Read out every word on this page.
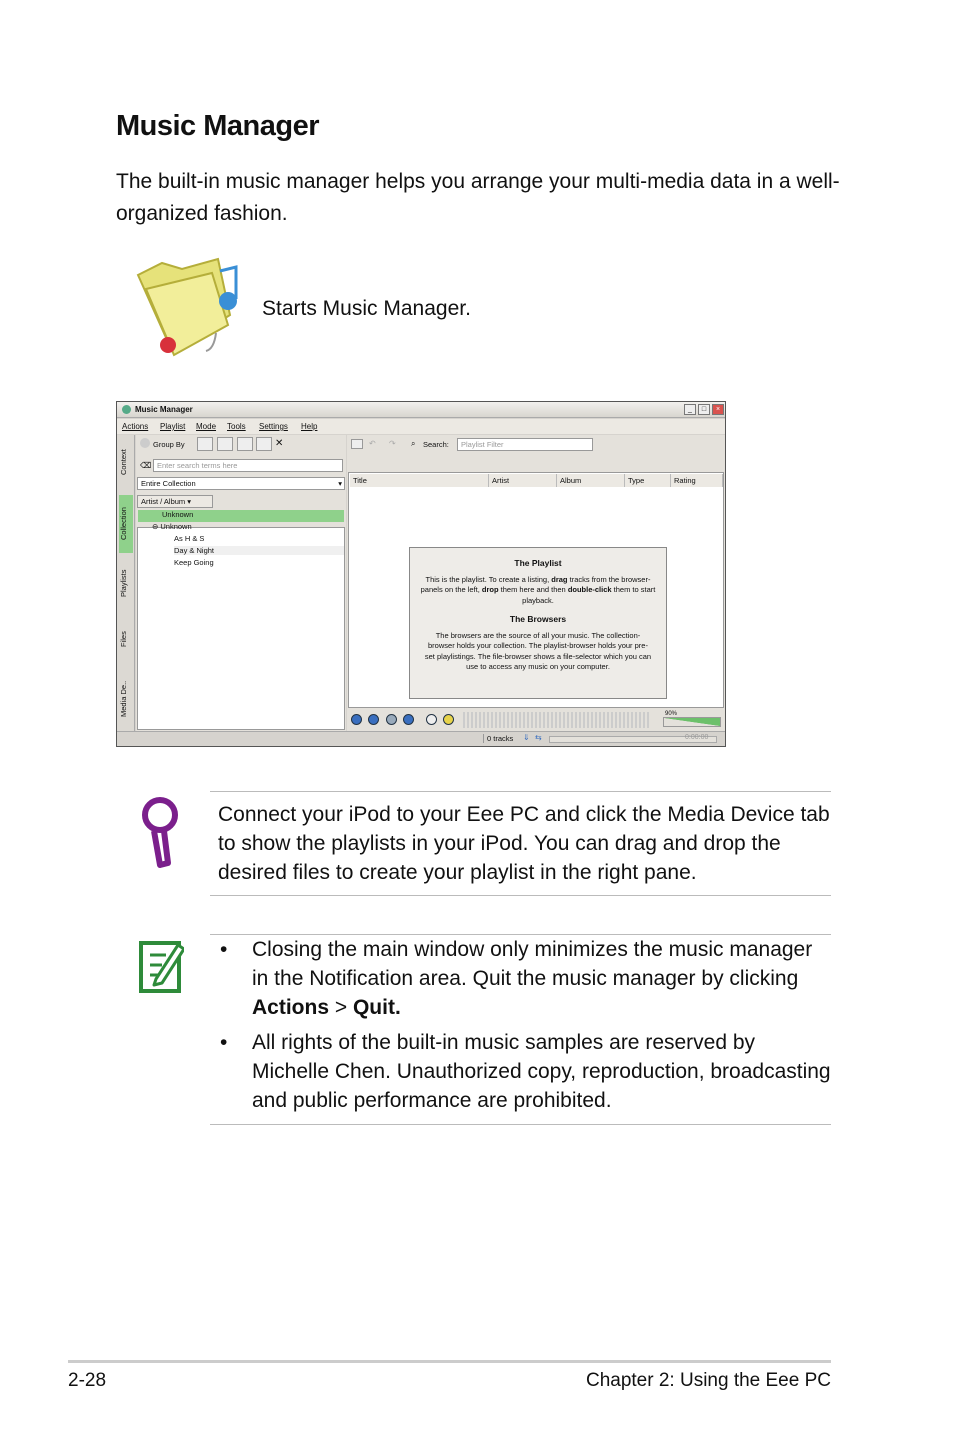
Music Manager
The built-in music manager helps you arrange your multi-media data in a well-organized fashion.
Starts Music Manager.
Music Manager	_	□	×
Actions Playlist Mode Tools Settings Help
Context
Collection
Playlists
Files
Media De..
Group By	✕
⌫ Enter search terms here
Entire Collection	▾
Artist / Album ▾
Unknown
⊖ Unknown
As H & S
Day & Night
Keep Going
↶ ↷ ⌕ Search:	Playlist Filter
Title	Artist	Album	Type	Rating
The Playlist
This is the playlist. To create a listing, drag tracks from the browser-panels on the left, drop them here and then double-click them to start playback.
The Browsers
The browsers are the source of all your music. The collection-browser holds your collection. The playlist-browser holds your pre-set playlistings. The file-browser shows a file-selector which you can use to access any music on your computer.
90%
0 tracks ⇓ ⇆	0:00:00
Connect your iPod to your Eee PC and click the Media Device tab to show the playlists in your iPod. You can drag and drop the desired files to create your playlist in the right pane.
• Closing the main window only minimizes the music manager in the Notification area. Quit the music manager by clicking Actions > Quit.
• All rights of the built-in music samples are reserved by Michelle Chen. Unauthorized copy, reproduction, broadcasting and public performance are prohibited.
2-28	Chapter 2: Using the Eee PC
